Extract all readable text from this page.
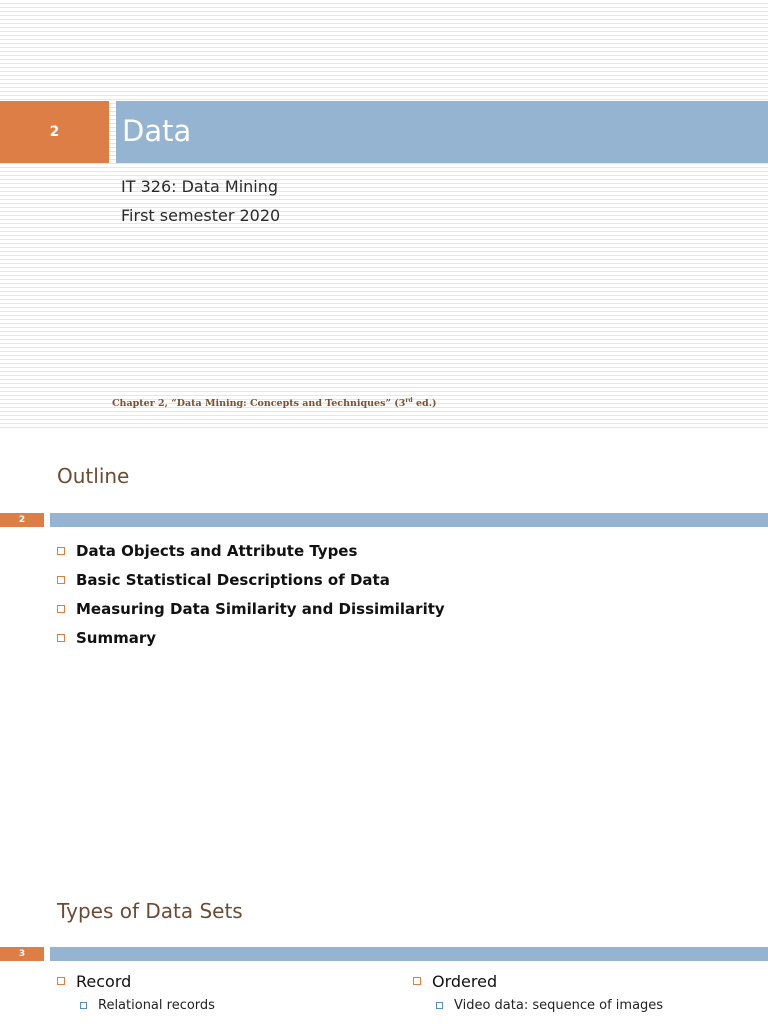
2	Data
IT 326: Data Mining
First semester 2020
Chapter 2, “Data Mining: Concepts and Techniques” (3rd ed.)
Outline
2
Data Objects and Attribute Types
Basic Statistical Descriptions of Data
Measuring Data Similarity and Dissimilarity
Summary
Types of Data Sets
3
Record
Relational records
Ordered
Video data: sequence of images
